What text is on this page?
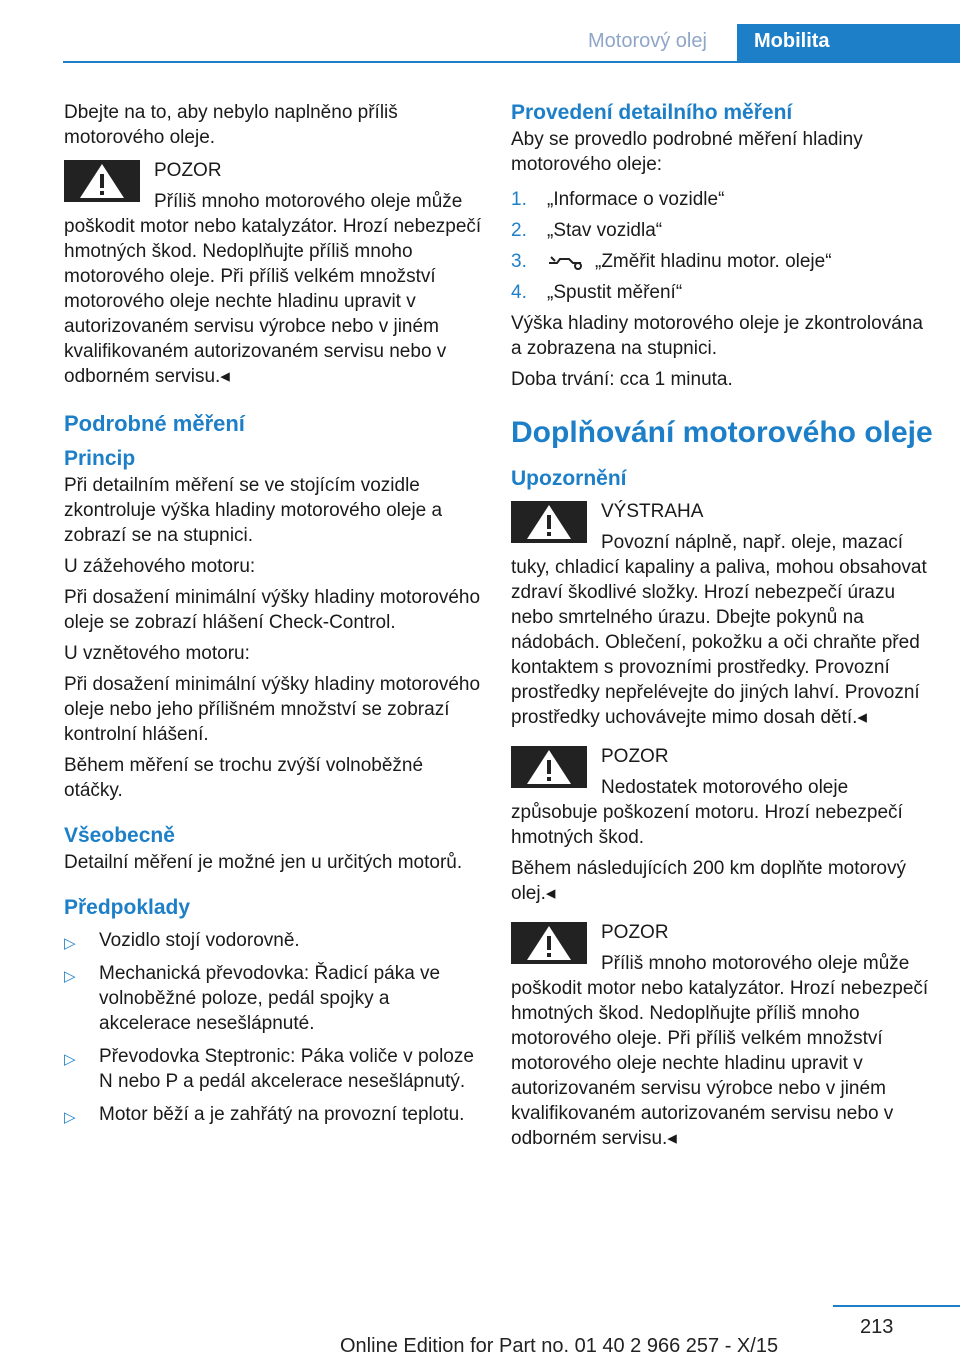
Motorový olej Mobilita

Dbejte na to, aby nebylo naplněno příliš motorového oleje.

POZOR
Příliš mnoho motorového oleje může poškodit motor nebo katalyzátor. Hrozí nebezpečí hmotných škod. Nedoplňujte příliš mnoho motorového oleje. Při příliš velkém množství motorového oleje nechte hladinu upravit v autorizovaném servisu výrobce nebo v jiném kvalifikovaném autorizovaném servisu nebo v odborném servisu.◂
Podrobné měření
Princip

Při detailním měření se ve stojícím vozidle zkontroluje výška hladiny motorového oleje a zobrazí se na stupnici.

U zážehového motoru:

Při dosažení minimální výšky hladiny motorového oleje se zobrazí hlášení Check-Control.

U vznětového motoru:

Při dosažení minimální výšky hladiny motorového oleje nebo jeho přílišném množství se zobrazí kontrolní hlášení.

Během měření se trochu zvýší volnoběžné otáčky.

Všeobecně

Detailní měření je možné jen u určitých motorů.

Předpoklady
▷ Vozidlo stojí vodorovně.
▷ Mechanická převodovka: Řadicí páka ve volnoběžné poloze, pedál spojky a akcelerace nesešlápnuté.
▷ Převodovka Steptronic: Páka voliče v poloze N nebo P a pedál akcelerace nesešlápnutý.
▷ Motor běží a je zahřátý na provozní teplotu.
Provedení detailního měření

Aby se provedlo podrobné měření hladiny motorového oleje:

1. „Informace o vozidle“
2. „Stav vozidla“
3.	„Změřit hladinu motor. oleje“
4. „Spustit měření“

Výška hladiny motorového oleje je zkontrolována a zobrazena na stupnici.

Doba trvání: cca 1 minuta.

Doplňování motorového oleje
Upozornění
VÝSTRAHA
Povozní náplně, např. oleje, mazací tuky, chladicí kapaliny a paliva, mohou obsahovat zdraví škodlivé složky. Hrozí nebezpečí úrazu nebo smrtelného úrazu. Dbejte pokynů na nádobách. Oblečení, pokožku a oči chraňte před kontaktem s provozními prostředky. Provozní prostředky nepřelévejte do jiných lahví. Provozní prostředky uchovávejte mimo dosah dětí.◂
POZOR
Nedostatek motorového oleje způsobuje poškození motoru. Hrozí nebezpečí hmotných škod.

Během následujících 200 km doplňte motorový olej.◂

POZOR
Příliš mnoho motorového oleje může poškodit motor nebo katalyzátor. Hrozí nebezpečí hmotných škod. Nedoplňujte příliš mnoho motorového oleje. Při příliš velkém množství motorového oleje nechte hladinu upravit v autorizovaném servisu výrobce nebo v jiném kvalifikovaném autorizovaném servisu nebo v odborném servisu.◂
213
Online Edition for Part no. 01 40 2 966 257 - X/15
